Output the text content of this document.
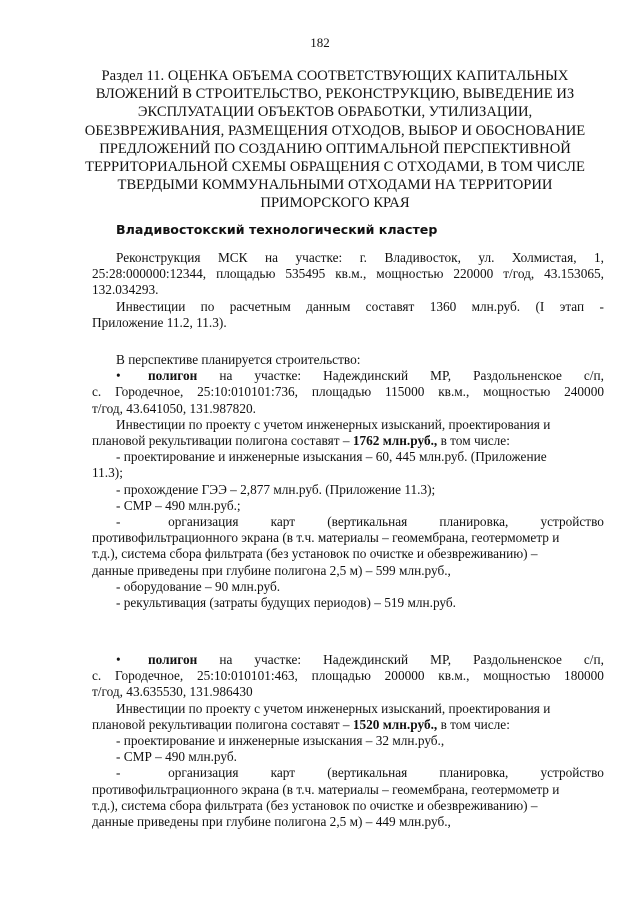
182
Раздел 11. ОЦЕНКА ОБЪЕМА СООТВЕТСТВУЮЩИХ КАПИТАЛЬНЫХ
ВЛОЖЕНИЙ В СТРОИТЕЛЬСТВО, РЕКОНСТРУКЦИЮ, ВЫВЕДЕНИЕ ИЗ
ЭКСПЛУАТАЦИИ ОБЪЕКТОВ ОБРАБОТКИ, УТИЛИЗАЦИИ,
ОБЕЗВРЕЖИВАНИЯ, РАЗМЕЩЕНИЯ ОТХОДОВ, ВЫБОР И ОБОСНОВАНИЕ
ПРЕДЛОЖЕНИЙ ПО СОЗДАНИЮ ОПТИМАЛЬНОЙ ПЕРСПЕКТИВНОЙ
ТЕРРИТОРИАЛЬНОЙ СХЕМЫ ОБРАЩЕНИЯ С ОТХОДАМИ, В ТОМ ЧИСЛЕ
ТВЕРДЫМИ КОММУНАЛЬНЫМИ ОТХОДАМИ НА ТЕРРИТОРИИ
ПРИМОРСКОГО КРАЯ
Владивостокский технологический кластер
Реконструкция МСК на участке: г. Владивосток, ул. Холмистая, 1,
25:28:000000:12344, площадью 535495 кв.м., мощностью 220000 т/год, 43.153065,
132.034293.
Инвестиции по расчетным данным составят 1360 млн.руб. (I этап -
Приложение 11.2, 11.3).
В перспективе планируется строительство:
• полигон на участке: Надеждинский МР, Раздольненское с/п,
с. Городечное, 25:10:010101:736, площадью 115000 кв.м., мощностью 240000
т/год, 43.641050, 131.987820.
Инвестиции по проекту с учетом инженерных изысканий, проектирования и
плановой рекультивации полигона составят – 1762 млн.руб., в том числе:
- проектирование и инженерные изыскания – 60, 445 млн.руб. (Приложение
11.3);
- прохождение ГЭЭ – 2,877 млн.руб. (Приложение 11.3);
- СМР – 490 млн.руб.;
-	организация карт (вертикальная планировка, устройство
противофильтрационного экрана (в т.ч. материалы – геомембрана, геотермометр и
т.д.), система сбора фильтрата (без установок по очистке и обезвреживанию) –
данные приведены при глубине полигона 2,5 м) – 599 млн.руб.,
- оборудование – 90 млн.руб.
- рекультивация (затраты будущих периодов) – 519 млн.руб.
• полигон на участке: Надеждинский МР, Раздольненское с/п,
с. Городечное, 25:10:010101:463, площадью 200000 кв.м., мощностью 180000
т/год, 43.635530, 131.986430
Инвестиции по проекту с учетом инженерных изысканий, проектирования и
плановой рекультивации полигона составят – 1520 млн.руб., в том числе:
- проектирование и инженерные изыскания – 32 млн.руб.,
- СМР – 490 млн.руб.
-	организация карт (вертикальная планировка, устройство
противофильтрационного экрана (в т.ч. материалы – геомембрана, геотермометр и
т.д.), система сбора фильтрата (без установок по очистке и обезвреживанию) –
данные приведены при глубине полигона 2,5 м) – 449 млн.руб.,
